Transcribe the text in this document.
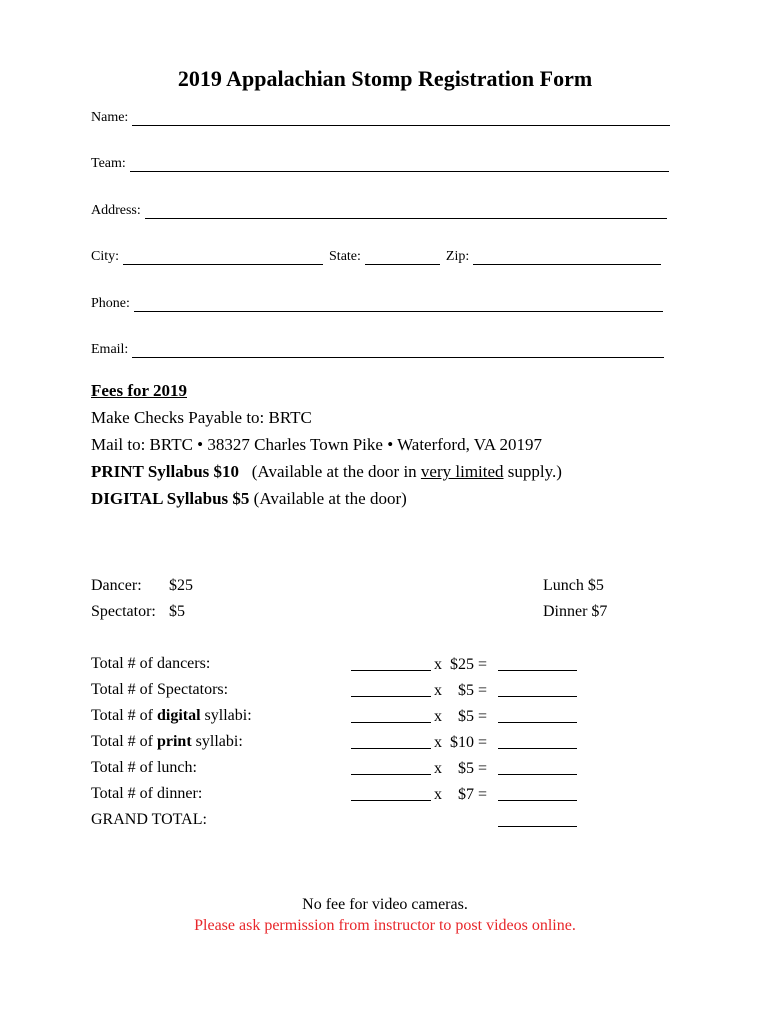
2019 Appalachian Stomp Registration Form
Name:
Team:
Address:
City:	State:	Zip:
Phone:
Email:
Fees for 2019
Make Checks Payable to: BRTC
Mail to: BRTC • 38327 Charles Town Pike • Waterford, VA 20197
PRINT Syllabus $10 (Available at the door in very limited supply.)
DIGITAL Syllabus $5 (Available at the door)
Dancer: $25
Spectator: $5
Lunch $5
Dinner $7
Total # of dancers:
Total # of Spectators:
Total # of digital syllabi:
Total # of print syllabi:
Total # of lunch:
Total # of dinner:
GRAND TOTAL:
x  $25 =
x    $5 =
x    $5 =
x  $10 =
x    $5 =
x    $7 =
No fee for video cameras.
Please ask permission from instructor to post videos online.
